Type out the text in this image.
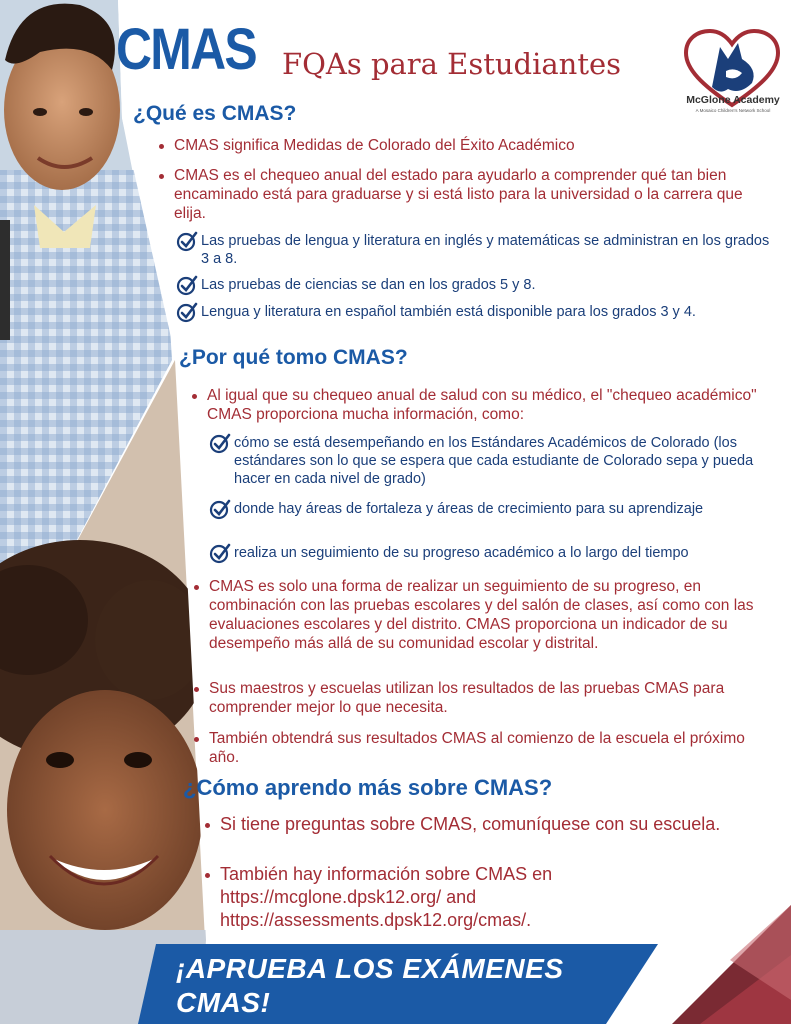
CMAS FQAs para Estudiantes
McGlone Academy
A Mosaico Children's Network School
¿Qué es CMAS?
CMAS significa Medidas de Colorado del Éxito Académico
CMAS es el chequeo anual del estado para ayudarlo a comprender qué tan bien encaminado está para graduarse y si está listo para la universidad o la carrera que elija.
Las pruebas de lengua y literatura en inglés y matemáticas se administran en los grados 3 a 8.
Las pruebas de ciencias se dan en los grados 5 y 8.
Lengua y literatura en español también está disponible para los grados 3 y 4.
¿Por qué tomo CMAS?
Al igual que su chequeo anual de salud con su médico, el "chequeo académico" CMAS proporciona mucha información, como:
cómo se está desempeñando en los Estándares Académicos de Colorado (los estándares son lo que se espera que cada estudiante de Colorado sepa y pueda hacer en cada nivel de grado)
donde hay áreas de fortaleza y áreas de crecimiento para su aprendizaje
realiza un seguimiento de su progreso académico a lo largo del tiempo
CMAS es solo una forma de realizar un seguimiento de su progreso, en combinación con las pruebas escolares y del salón de clases, así como con las evaluaciones escolares y del distrito. CMAS proporciona un indicador de su desempeño más allá de su comunidad escolar y distrital.
Sus maestros y escuelas utilizan los resultados de las pruebas CMAS para comprender mejor lo que necesita.
También obtendrá sus resultados CMAS al comienzo de la escuela el próximo año.
¿Cómo aprendo más sobre CMAS?
Si tiene preguntas sobre CMAS, comuníquese con su escuela.
También hay información sobre CMAS en https://mcglone.dpsk12.org/ and https://assessments.dpsk12.org/cmas/.
¡APRUEBA LOS EXÁMENES
CMAS!
